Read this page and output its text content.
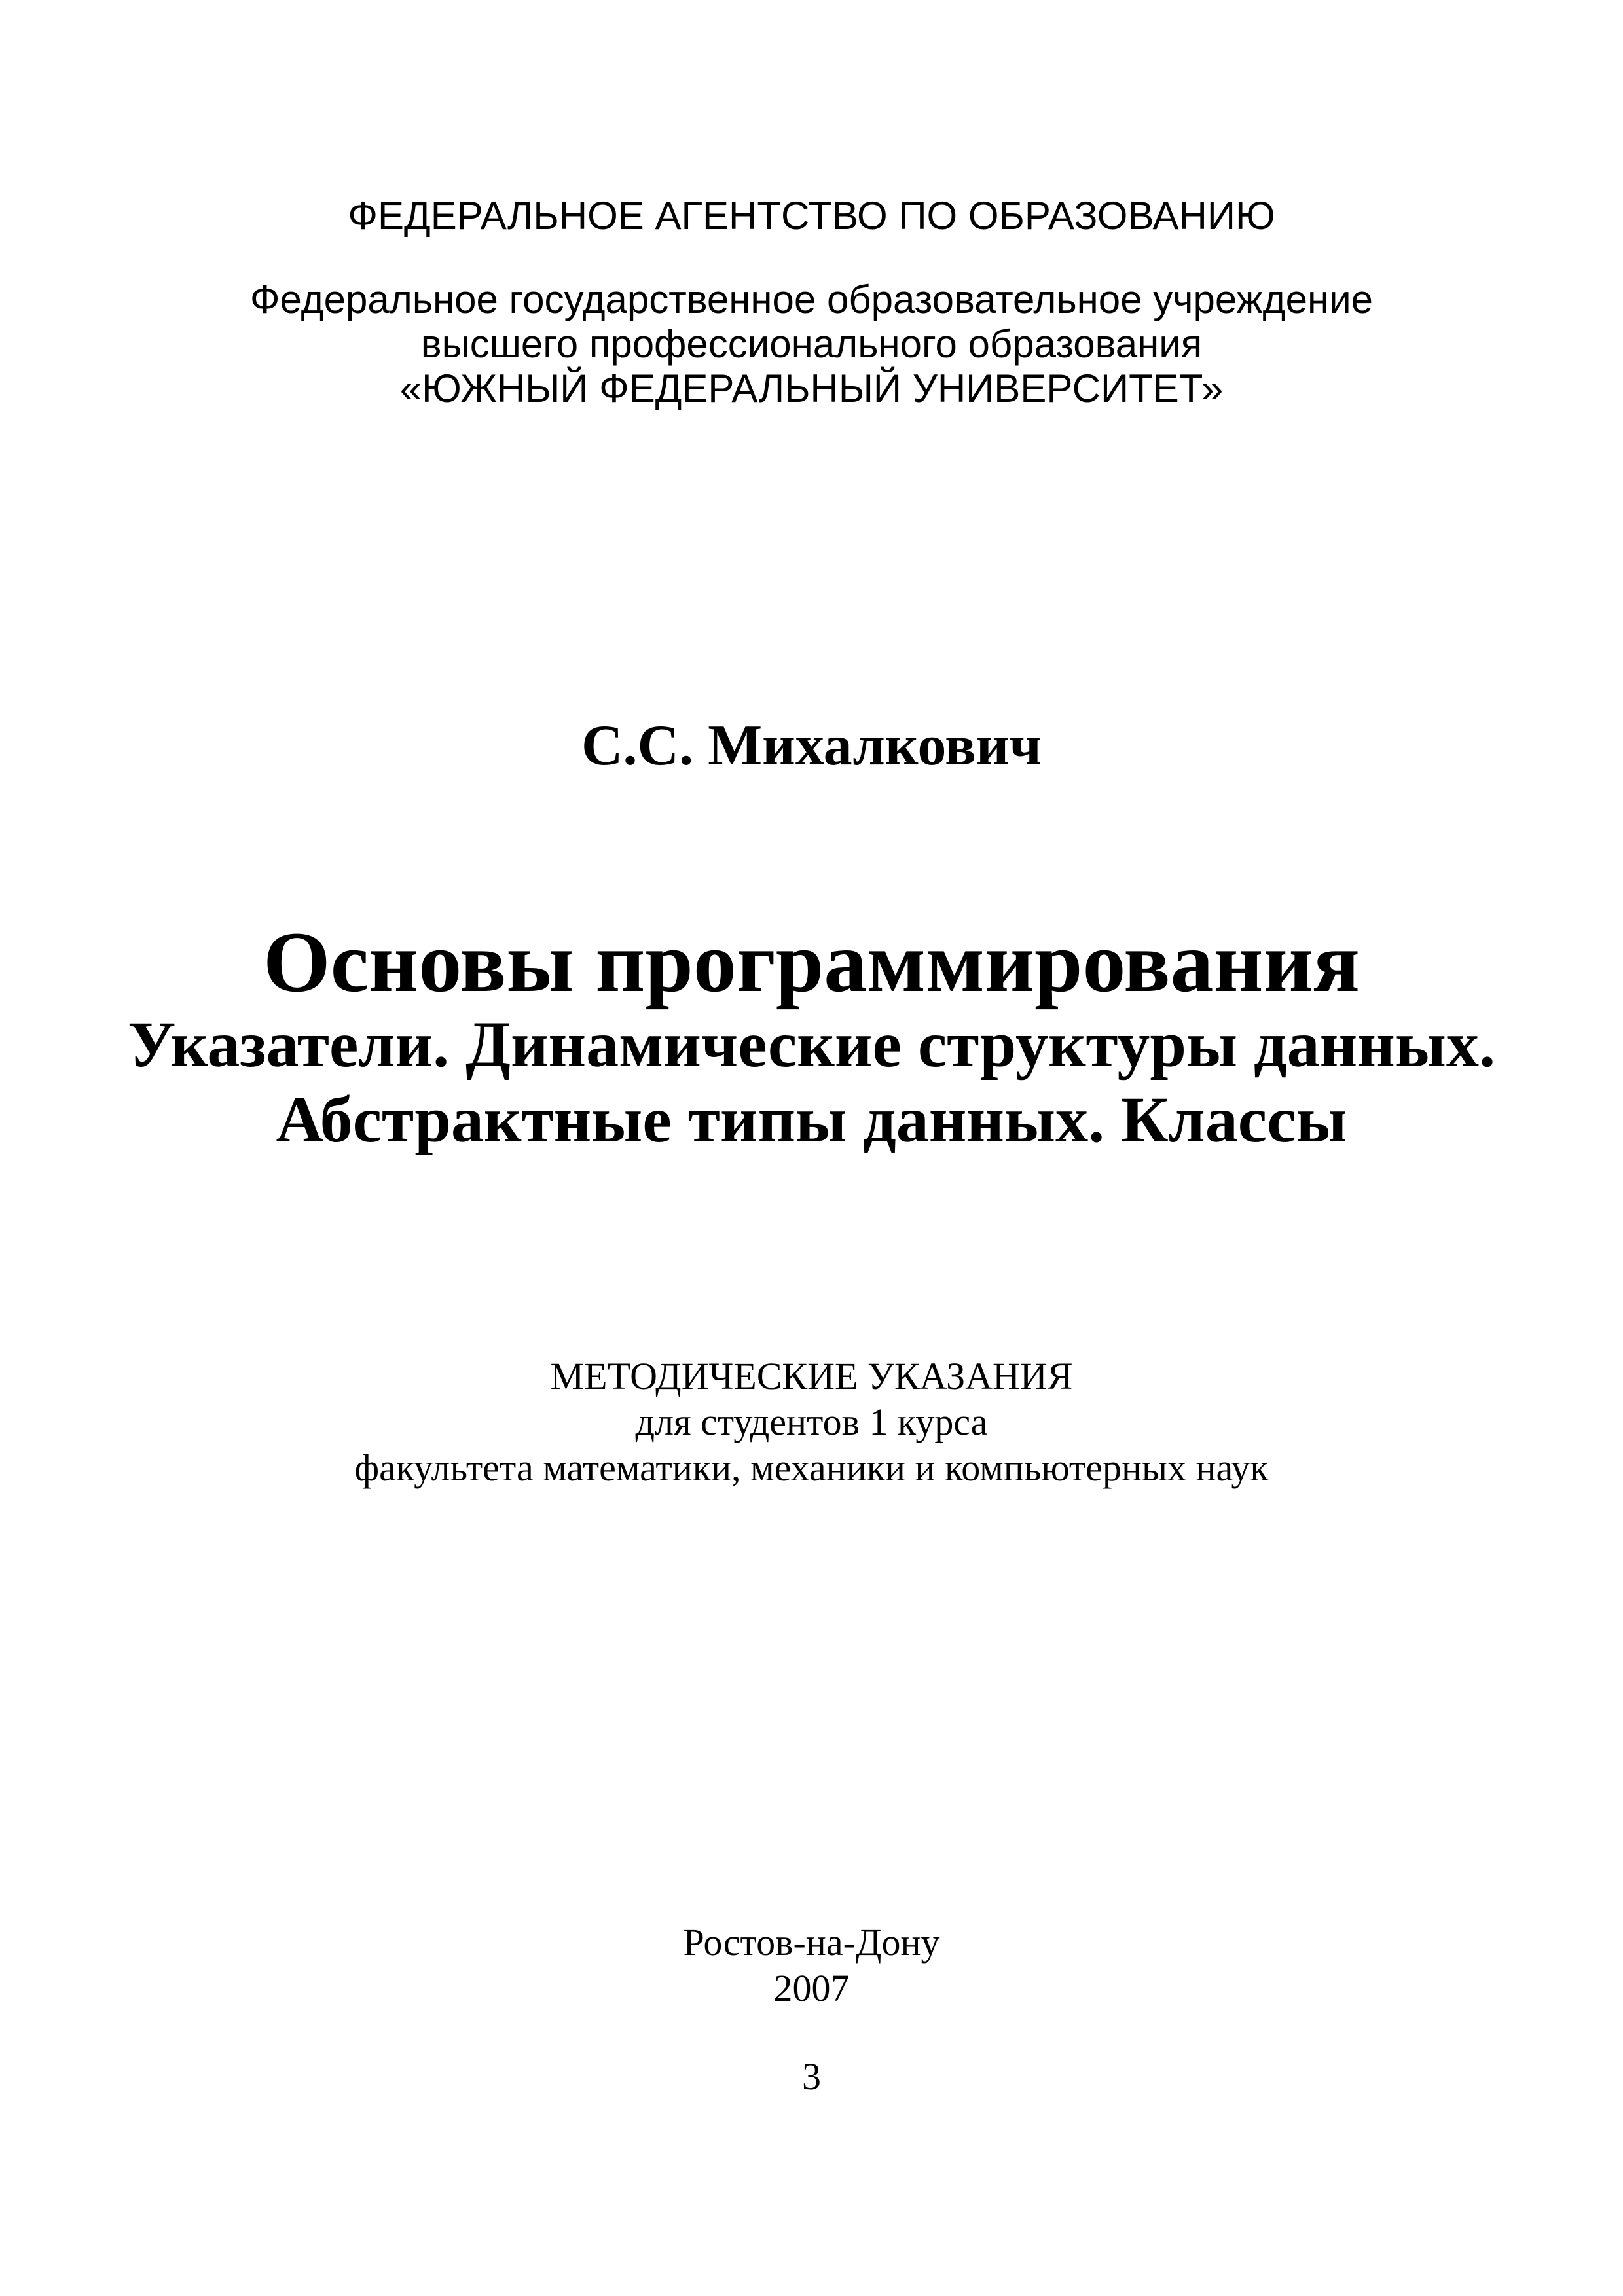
ФЕДЕРАЛЬНОЕ АГЕНТСТВО ПО ОБРАЗОВАНИЮ

Федеральное государственное образовательное учреждение

высшего профессионального образования

«ЮЖНЫЙ ФЕДЕРАЛЬНЫЙ УНИВЕРСИТЕТ»

С.С. Михалкович

Основы программирования

Указатели. Динамические структуры данных.

Абстрактные типы данных. Классы

МЕТОДИЧЕСКИЕ УКАЗАНИЯ

для студентов 1 курса

факультета математики, механики и компьютерных наук

Ростов-на-Дону

2007

3
